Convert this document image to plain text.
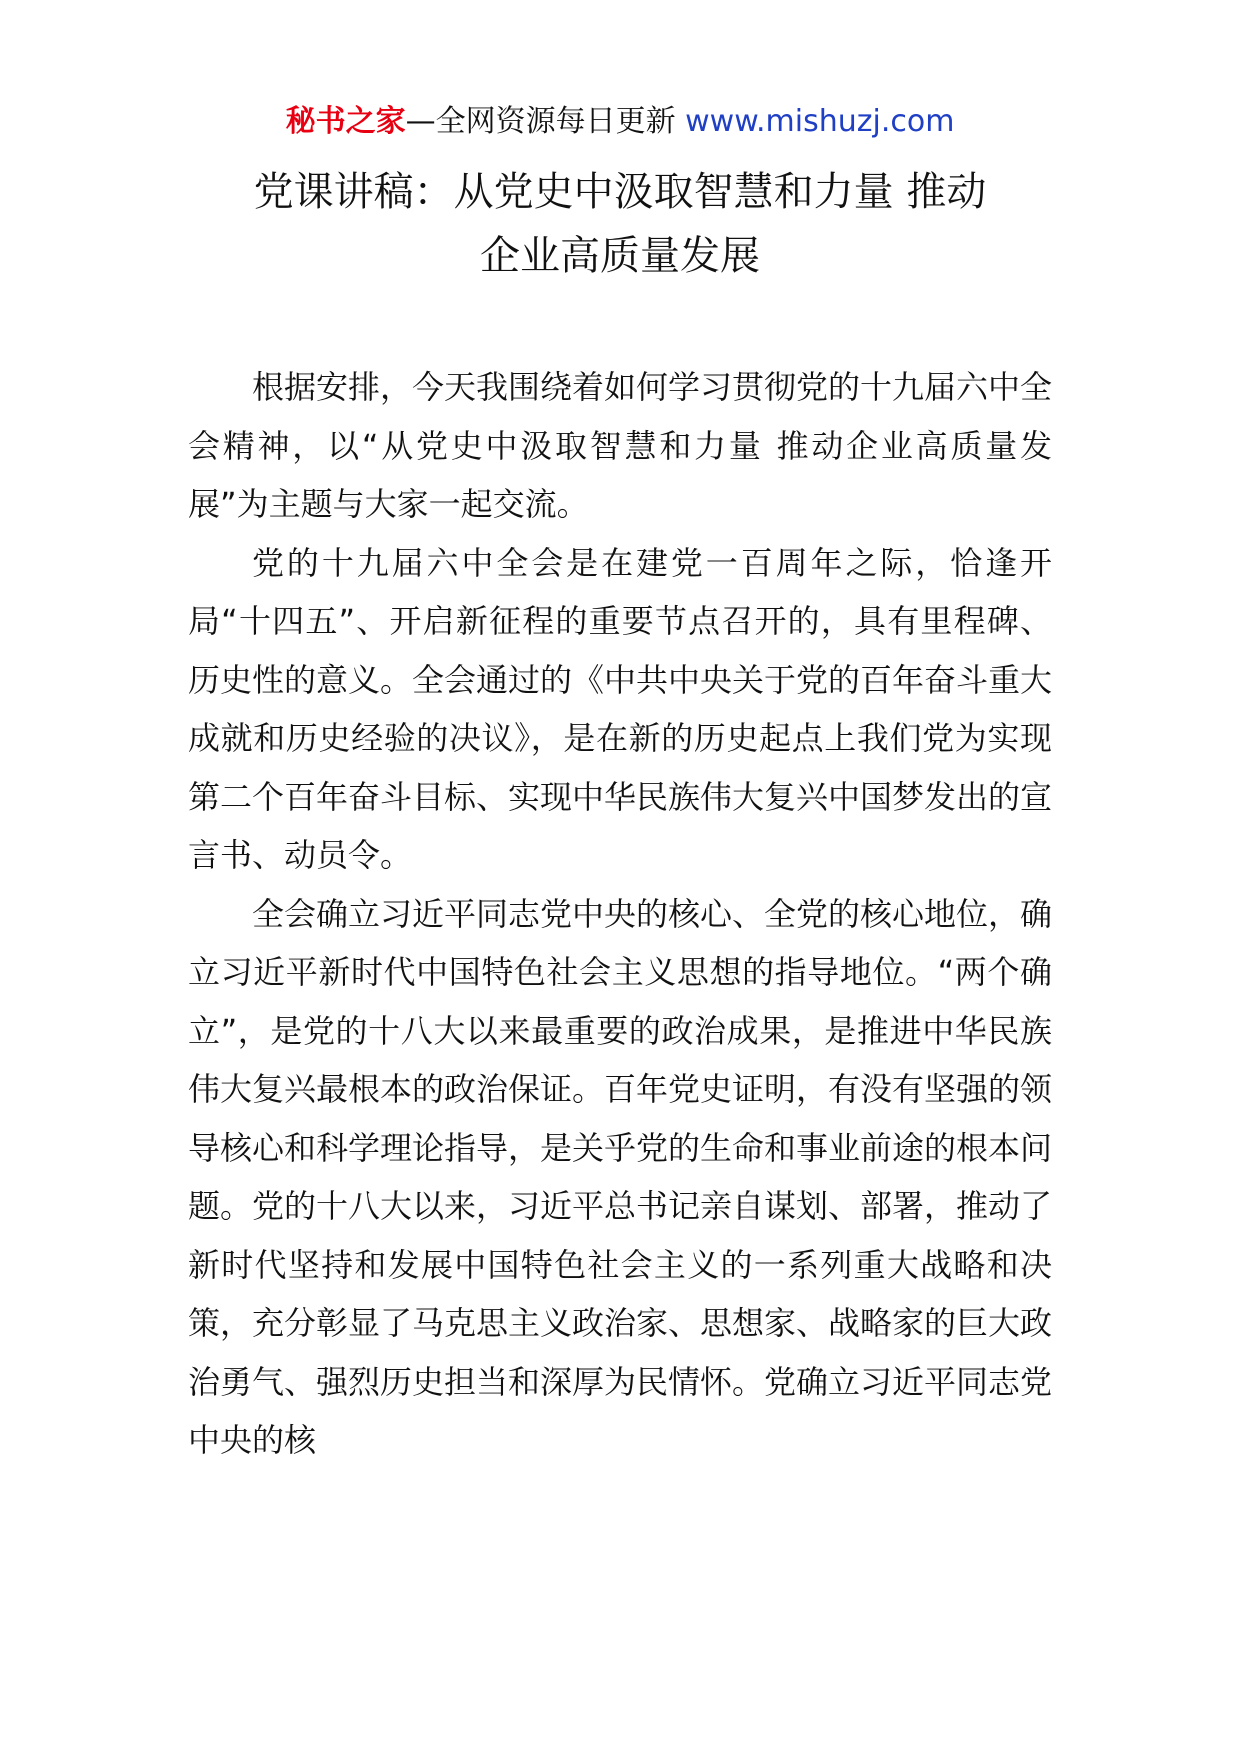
秘书之家—全网资源每日更新 www.mishuzj.com
党课讲稿：从党史中汲取智慧和力量 推动
企业高质量发展

根据安排，今天我围绕着如何学习贯彻党的十九届六中全会精神，以“从党史中汲取智慧和力量 推动企业高质量发展”为主题与大家一起交流。

党的十九届六中全会是在建党一百周年之际，恰逢开局“十四五”、开启新征程的重要节点召开的，具有里程碑、历史性的意义。全会通过的《中共中央关于党的百年奋斗重大成就和历史经验的决议》，是在新的历史起点上我们党为实现第二个百年奋斗目标、实现中华民族伟大复兴中国梦发出的宣言书、动员令。

全会确立习近平同志党中央的核心、全党的核心地位，确立习近平新时代中国特色社会主义思想的指导地位。“两个确立”，是党的十八大以来最重要的政治成果，是推进中华民族伟大复兴最根本的政治保证。百年党史证明，有没有坚强的领导核心和科学理论指导，是关乎党的生命和事业前途的根本问题。党的十八大以来，习近平总书记亲自谋划、部署，推动了新时代坚持和发展中国特色社会主义的一系列重大战略和决策，充分彰显了马克思主义政治家、思想家、战略家的巨大政治勇气、强烈历史担当和深厚为民情怀。党确立习近平同志党中央的核
